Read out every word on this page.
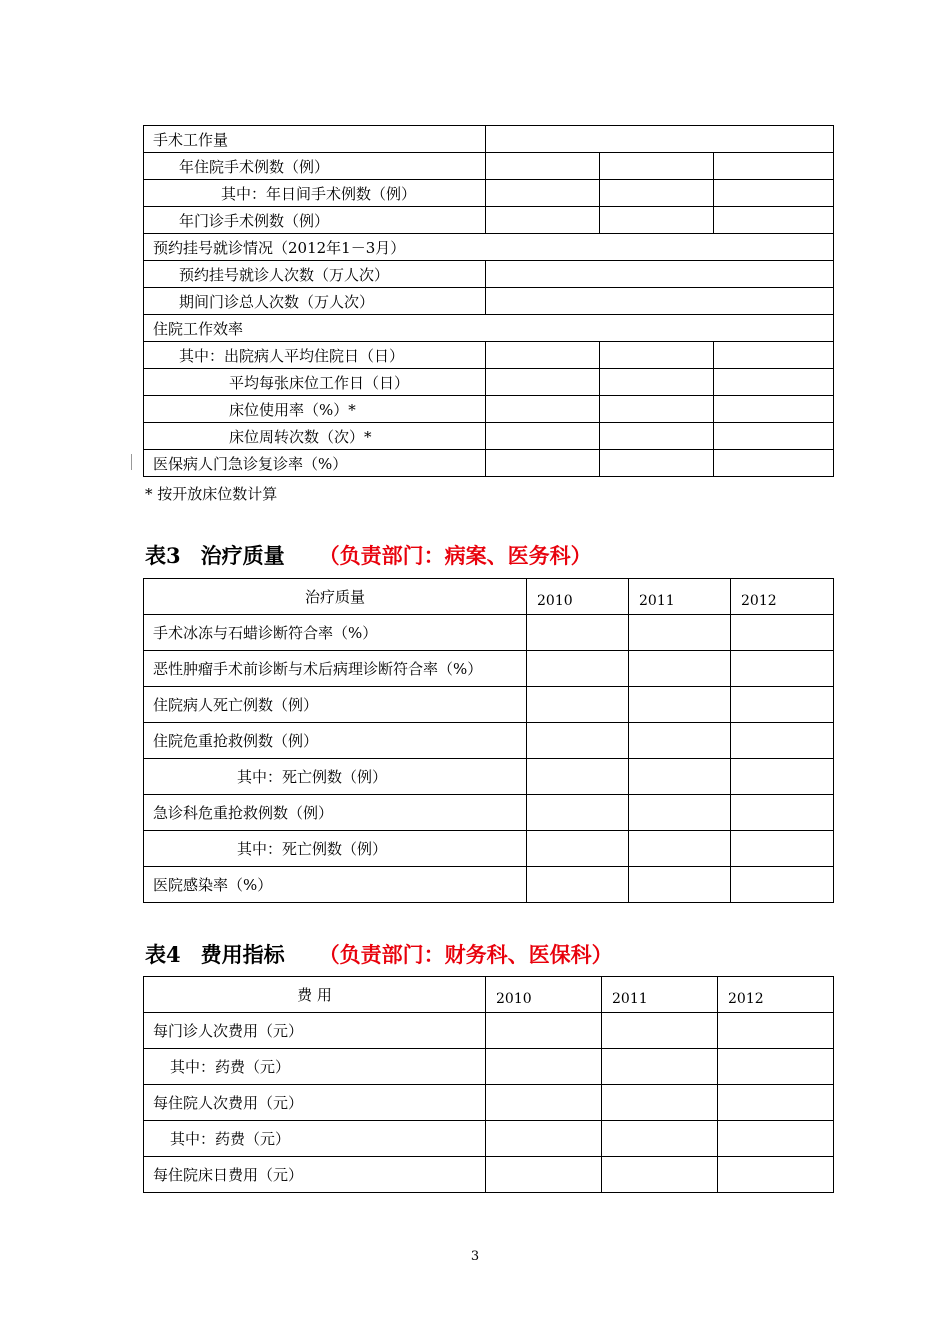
手术工作量			
年住院手术例数（例）			
其中：年日间手术例数（例）			
年门诊手术例数（例）			
预约挂号就诊情况（2012年1－3月）			
预约挂号就诊人次数（万人次）			
期间门诊总人次数（万人次）			
住院工作效率			
其中：出院病人平均住院日（日）			
平均每张床位工作日（日）			
床位使用率（%）*			
床位周转次数（次）*			
医保病人门急诊复诊率（%）			
* 按开放床位数计算
表3 治疗质量 （负责部门：病案、医务科）
治疗质量	2010	2011	2012
手术冰冻与石蜡诊断符合率（%）			
恶性肿瘤手术前诊断与术后病理诊断符合率（%）			
住院病人死亡例数（例）			
住院危重抢救例数（例）			
其中：死亡例数（例）			
急诊科危重抢救例数（例）			
其中：死亡例数（例）			
医院感染率（%）			
表4 费用指标 （负责部门：财务科、医保科）
费 用	2010	2011	2012
每门诊人次费用（元）			
其中：药费（元）			
每住院人次费用（元）			
其中：药费（元）			
每住院床日费用（元）			
3
